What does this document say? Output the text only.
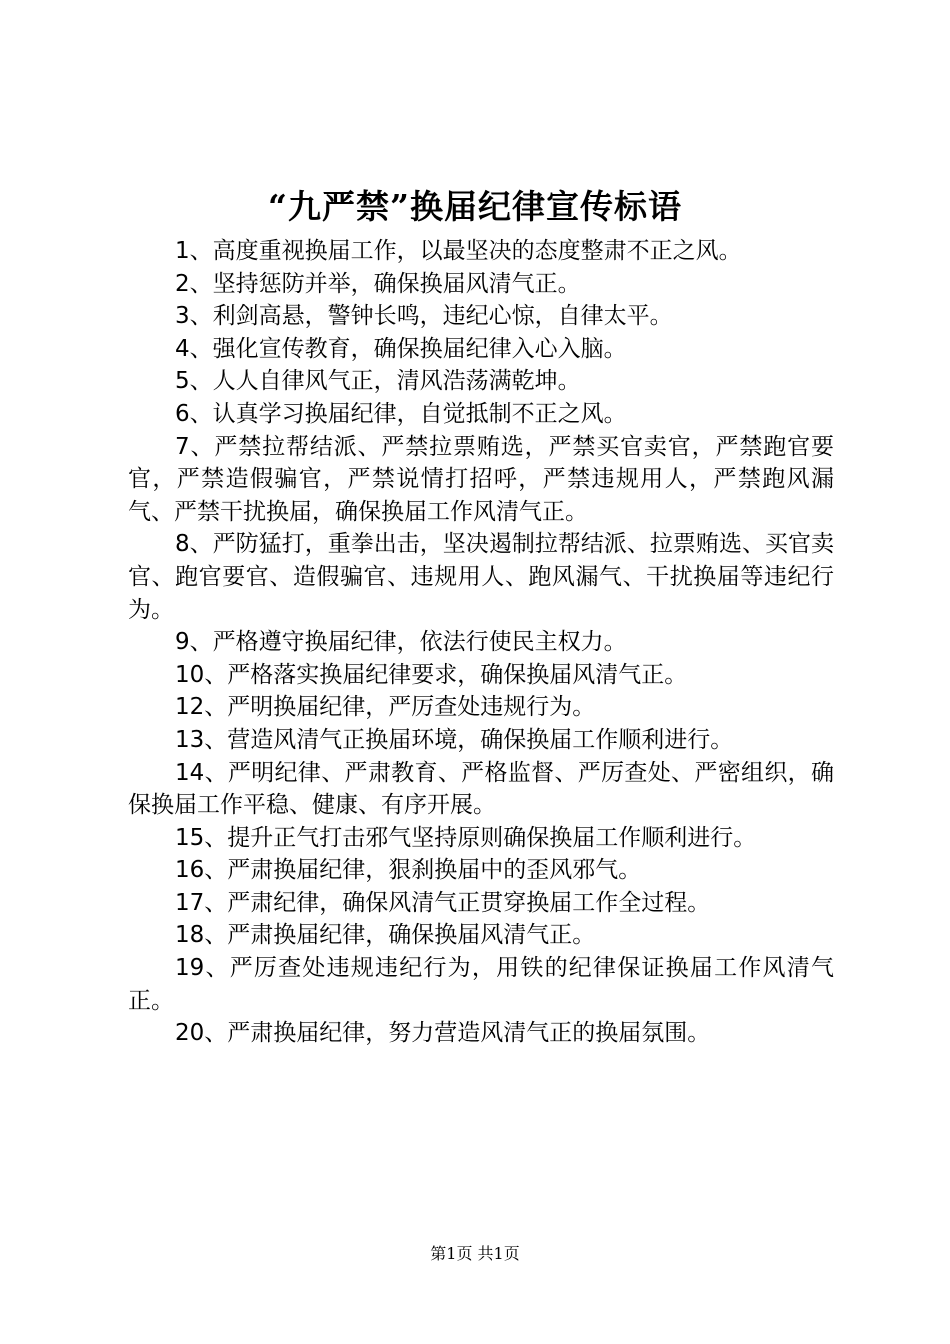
“九严禁”换届纪律宣传标语

1、高度重视换届工作，以最坚决的态度整肃不正之风。

2、坚持惩防并举，确保换届风清气正。

3、利剑高悬，警钟长鸣，违纪心惊，自律太平。

4、强化宣传教育，确保换届纪律入心入脑。

5、人人自律风气正，清风浩荡满乾坤。

6、认真学习换届纪律，自觉抵制不正之风。

7、严禁拉帮结派、严禁拉票贿选，严禁买官卖官，严禁跑官要官，严禁造假骗官，严禁说情打招呼，严禁违规用人，严禁跑风漏气、严禁干扰换届，确保换届工作风清气正。

8、严防猛打，重拳出击，坚决遏制拉帮结派、拉票贿选、买官卖官、跑官要官、造假骗官、违规用人、跑风漏气、干扰换届等违纪行为。

9、严格遵守换届纪律，依法行使民主权力。

10、严格落实换届纪律要求，确保换届风清气正。

12、严明换届纪律，严厉查处违规行为。

13、营造风清气正换届环境，确保换届工作顺利进行。

14、严明纪律、严肃教育、严格监督、严厉查处、严密组织，确保换届工作平稳、健康、有序开展。

15、提升正气打击邪气坚持原则确保换届工作顺利进行。

16、严肃换届纪律，狠刹换届中的歪风邪气。

17、严肃纪律，确保风清气正贯穿换届工作全过程。

18、严肃换届纪律，确保换届风清气正。

19、严厉查处违规违纪行为，用铁的纪律保证换届工作风清气正。

20、严肃换届纪律，努力营造风清气正的换届氛围。

第1页 共1页
